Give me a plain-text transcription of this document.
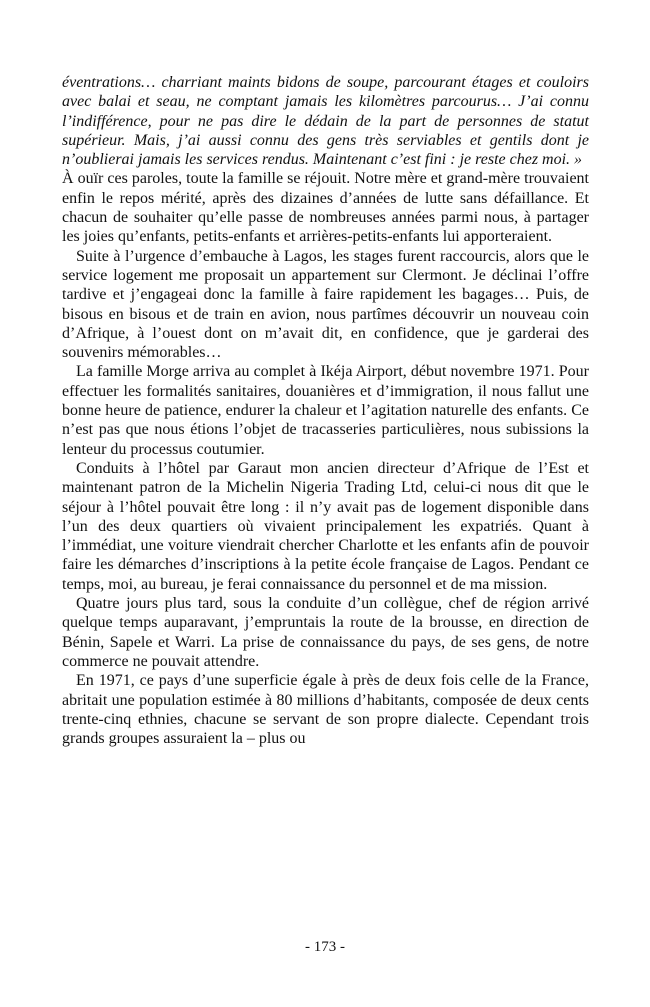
éventrations… charriant maints bidons de soupe, parcourant étages et couloirs avec balai et seau, ne comptant jamais les kilomètres parcourus… J’ai connu l’indifférence, pour ne pas dire le dédain de la part de personnes de statut supérieur. Mais, j’ai aussi connu des gens très serviables et gentils dont je n’oublierai jamais les services rendus. Maintenant c’est fini : je reste chez moi. »

À ouïr ces paroles, toute la famille se réjouit. Notre mère et grand-mère trouvaient enfin le repos mérité, après des dizaines d’années de lutte sans défaillance. Et chacun de souhaiter qu’elle passe de nombreuses années parmi nous, à partager les joies qu’enfants, petits-enfants et arrières-petits-enfants lui apporteraient.

Suite à l’urgence d’embauche à Lagos, les stages furent raccourcis, alors que le service logement me proposait un appartement sur Clermont. Je déclinai l’offre tardive et j’engageai donc la famille à faire rapidement les bagages… Puis, de bisous en bisous et de train en avion, nous partîmes découvrir un nouveau coin d’Afrique, à l’ouest dont on m’avait dit, en confidence, que je garderai des souvenirs mémorables…

La famille Morge arriva au complet à Ikéja Airport, début novembre 1971. Pour effectuer les formalités sanitaires, douanières et d’immigration, il nous fallut une bonne heure de patience, endurer la chaleur et l’agitation naturelle des enfants. Ce n’est pas que nous étions l’objet de tracasseries particulières, nous subissions la lenteur du processus coutumier.

Conduits à l’hôtel par Garaut mon ancien directeur d’Afrique de l’Est et maintenant patron de la Michelin Nigeria Trading Ltd, celui-ci nous dit que le séjour à l’hôtel pouvait être long : il n’y avait pas de logement disponible dans l’un des deux quartiers où vivaient principalement les expatriés. Quant à l’immédiat, une voiture viendrait chercher Charlotte et les enfants afin de pouvoir faire les démarches d’inscriptions à la petite école française de Lagos. Pendant ce temps, moi, au bureau, je ferai connaissance du personnel et de ma mission.

Quatre jours plus tard, sous la conduite d’un collègue, chef de région arrivé quelque temps auparavant, j’empruntais la route de la brousse, en direction de Bénin, Sapele et Warri. La prise de connaissance du pays, de ses gens, de notre commerce ne pouvait attendre.

En 1971, ce pays d’une superficie égale à près de deux fois celle de la France, abritait une population estimée à 80 millions d’habitants, composée de deux cents trente-cinq ethnies, chacune se servant de son propre dialecte. Cependant trois grands groupes assuraient la – plus ou

- 173 -
